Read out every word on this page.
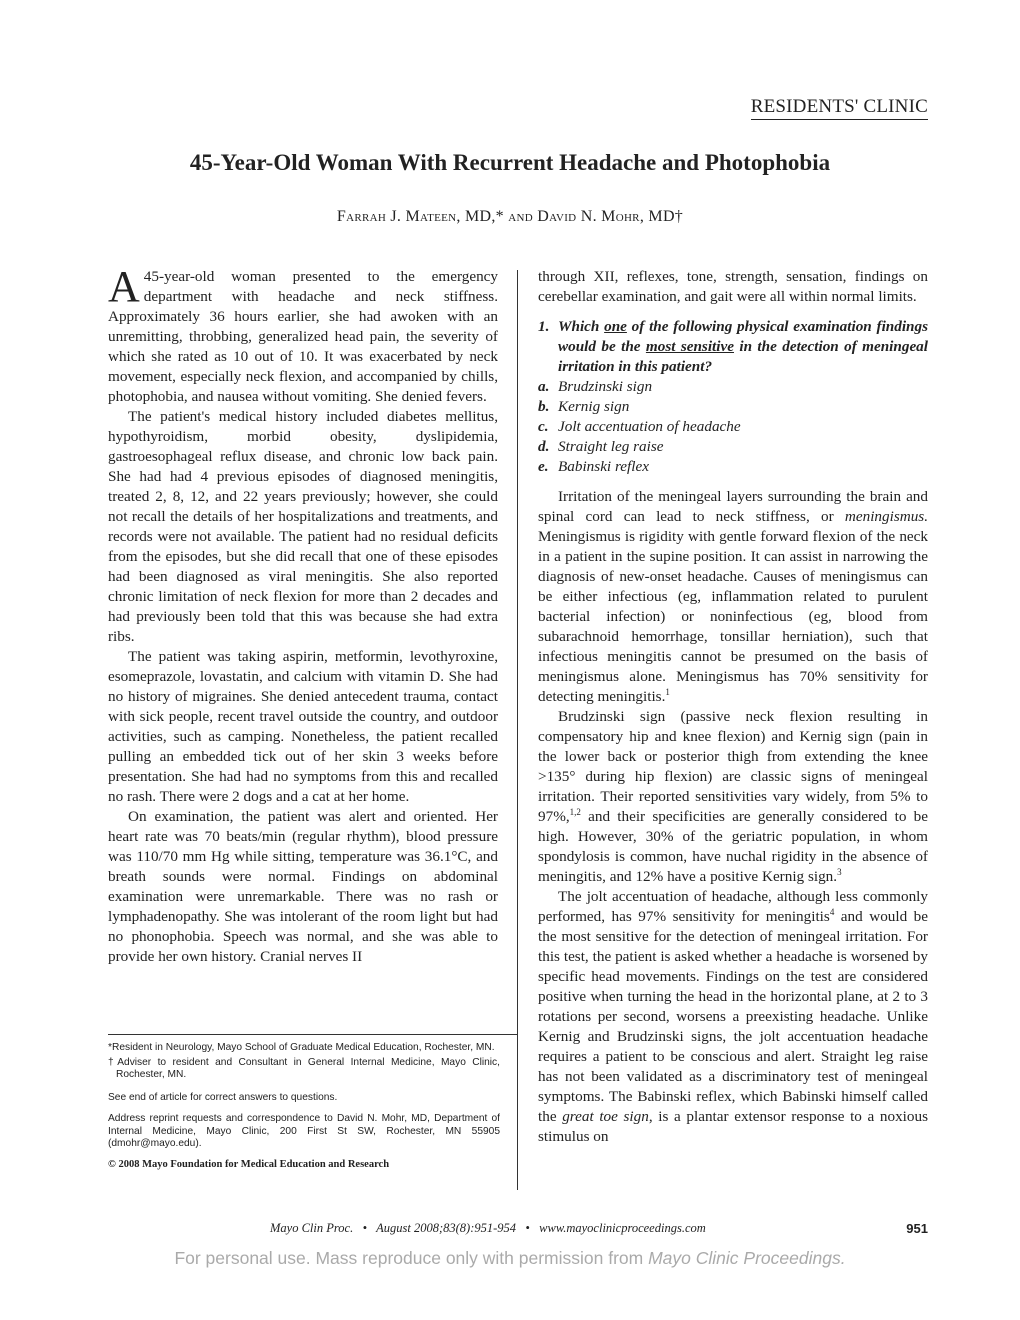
RESIDENTS' CLINIC
45-Year-Old Woman With Recurrent Headache and Photophobia
Farrah J. Mateen, MD,* and David N. Mohr, MD†

A 45-year-old woman presented to the emergency department with headache and neck stiffness. Approximately 36 hours earlier, she had awoken with an unremitting, throbbing, generalized head pain, the severity of which she rated as 10 out of 10. It was exacerbated by neck movement, especially neck flexion, and accompanied by chills, photophobia, and nausea without vomiting. She denied fevers.

The patient's medical history included diabetes mellitus, hypothyroidism, morbid obesity, dyslipidemia, gastroesophageal reflux disease, and chronic low back pain. She had had 4 previous episodes of diagnosed meningitis, treated 2, 8, 12, and 22 years previously; however, she could not recall the details of her hospitalizations and treatments, and records were not available. The patient had no residual deficits from the episodes, but she did recall that one of these episodes had been diagnosed as viral meningitis. She also reported chronic limitation of neck flexion for more than 2 decades and had previously been told that this was because she had extra ribs.

The patient was taking aspirin, metformin, levothyroxine, esomeprazole, lovastatin, and calcium with vitamin D. She had no history of migraines. She denied antecedent trauma, contact with sick people, recent travel outside the country, and outdoor activities, such as camping. Nonetheless, the patient recalled pulling an embedded tick out of her skin 3 weeks before presentation. She had had no symptoms from this and recalled no rash. There were 2 dogs and a cat at her home.

On examination, the patient was alert and oriented. Her heart rate was 70 beats/min (regular rhythm), blood pressure was 110/70 mm Hg while sitting, temperature was 36.1°C, and breath sounds were normal. Findings on abdominal examination were unremarkable. There was no rash or lymphadenopathy. She was intolerant of the room light but had no phonophobia. Speech was normal, and she was able to provide her own history. Cranial nerves II

*Resident in Neurology, Mayo School of Graduate Medical Education, Rochester, MN.

†Adviser to resident and Consultant in General Internal Medicine, Mayo Clinic, Rochester, MN.

See end of article for correct answers to questions.

Address reprint requests and correspondence to David N. Mohr, MD, Department of Internal Medicine, Mayo Clinic, 200 First St SW, Rochester, MN 55905 (dmohr@mayo.edu).

© 2008 Mayo Foundation for Medical Education and Research

through XII, reflexes, tone, strength, sensation, findings on cerebellar examination, and gait were all within normal limits.

1. Which one of the following physical examination findings would be the most sensitive in the detection of meningeal irritation in this patient?
a. Brudzinski sign
b. Kernig sign
c. Jolt accentuation of headache
d. Straight leg raise
e. Babinski reflex

Irritation of the meningeal layers surrounding the brain and spinal cord can lead to neck stiffness, or meningismus. Meningismus is rigidity with gentle forward flexion of the neck in a patient in the supine position. It can assist in narrowing the diagnosis of new-onset headache. Causes of meningismus can be either infectious (eg, inflammation related to purulent bacterial infection) or noninfectious (eg, blood from subarachnoid hemorrhage, tonsillar herniation), such that infectious meningitis cannot be presumed on the basis of meningismus alone. Meningismus has 70% sensitivity for detecting meningitis.$^1$

Brudzinski sign (passive neck flexion resulting in compensatory hip and knee flexion) and Kernig sign (pain in the lower back or posterior thigh from extending the knee >135° during hip flexion) are classic signs of meningeal irritation. Their reported sensitivities vary widely, from 5% to 97%,$^{1,2}$ and their specificities are generally considered to be high. However, 30% of the geriatric population, in whom spondylosis is common, have nuchal rigidity in the absence of meningitis, and 12% have a positive Kernig sign.$^3$

The jolt accentuation of headache, although less commonly performed, has 97% sensitivity for meningitis$^4$ and would be the most sensitive for the detection of meningeal irritation. For this test, the patient is asked whether a headache is worsened by specific head movements. Findings on the test are considered positive when turning the head in the horizontal plane, at 2 to 3 rotations per second, worsens a preexisting headache. Unlike Kernig and Brudzinski signs, the jolt accentuation headache requires a patient to be conscious and alert. Straight leg raise has not been validated as a discriminatory test of meningeal symptoms. The Babinski reflex, which Babinski himself called the great toe sign, is a plantar extensor response to a noxious stimulus on

Mayo Clin Proc.   •   August 2008;83(8):951-954   •   www.mayoclinicproceedings.com	951
For personal use. Mass reproduce only with permission from Mayo Clinic Proceedings.
